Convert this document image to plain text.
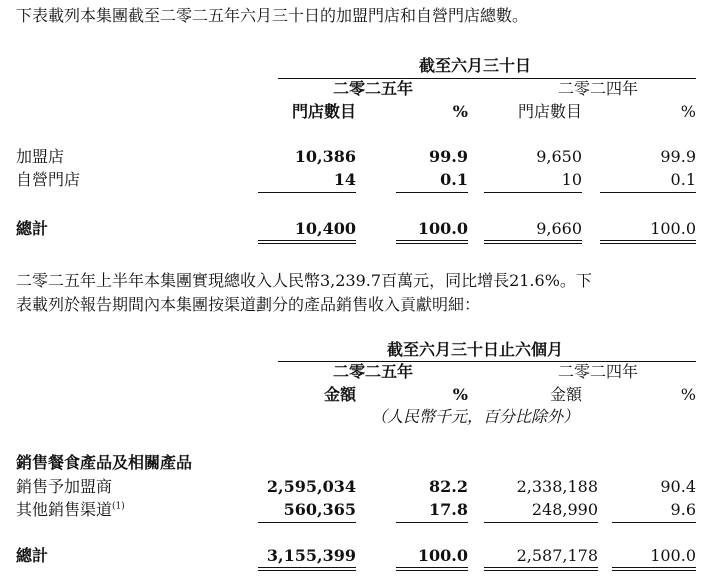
下表載列本集團截至二零二五年六月三十日的加盟門店和自營門店總數。
截至六月三十日
二零二五年	二零二四年
門店數目	%	門店數目	%
加盟店	10,386	99.9	9,650	99.9
自營門店	14	0.1	10	0.1
總計	10,400	100.0	9,660	100.0
二零二五年上半年本集團實現總收入人民幣3,239.7百萬元，同比增長21.6%。下
表載列於報告期間內本集團按渠道劃分的產品銷售收入貢獻明細：
截至六月三十日止六個月
二零二五年	二零二四年
金額	%	金額	%
（人民幣千元，百分比除外）
銷售餐食產品及相關產品
銷售予加盟商	2,595,034	82.2	2,338,188	90.4
其他銷售渠道$^{(1)}$	560,365	17.8	248,990	9.6
總計	3,155,399	100.0	2,587,178	100.0
